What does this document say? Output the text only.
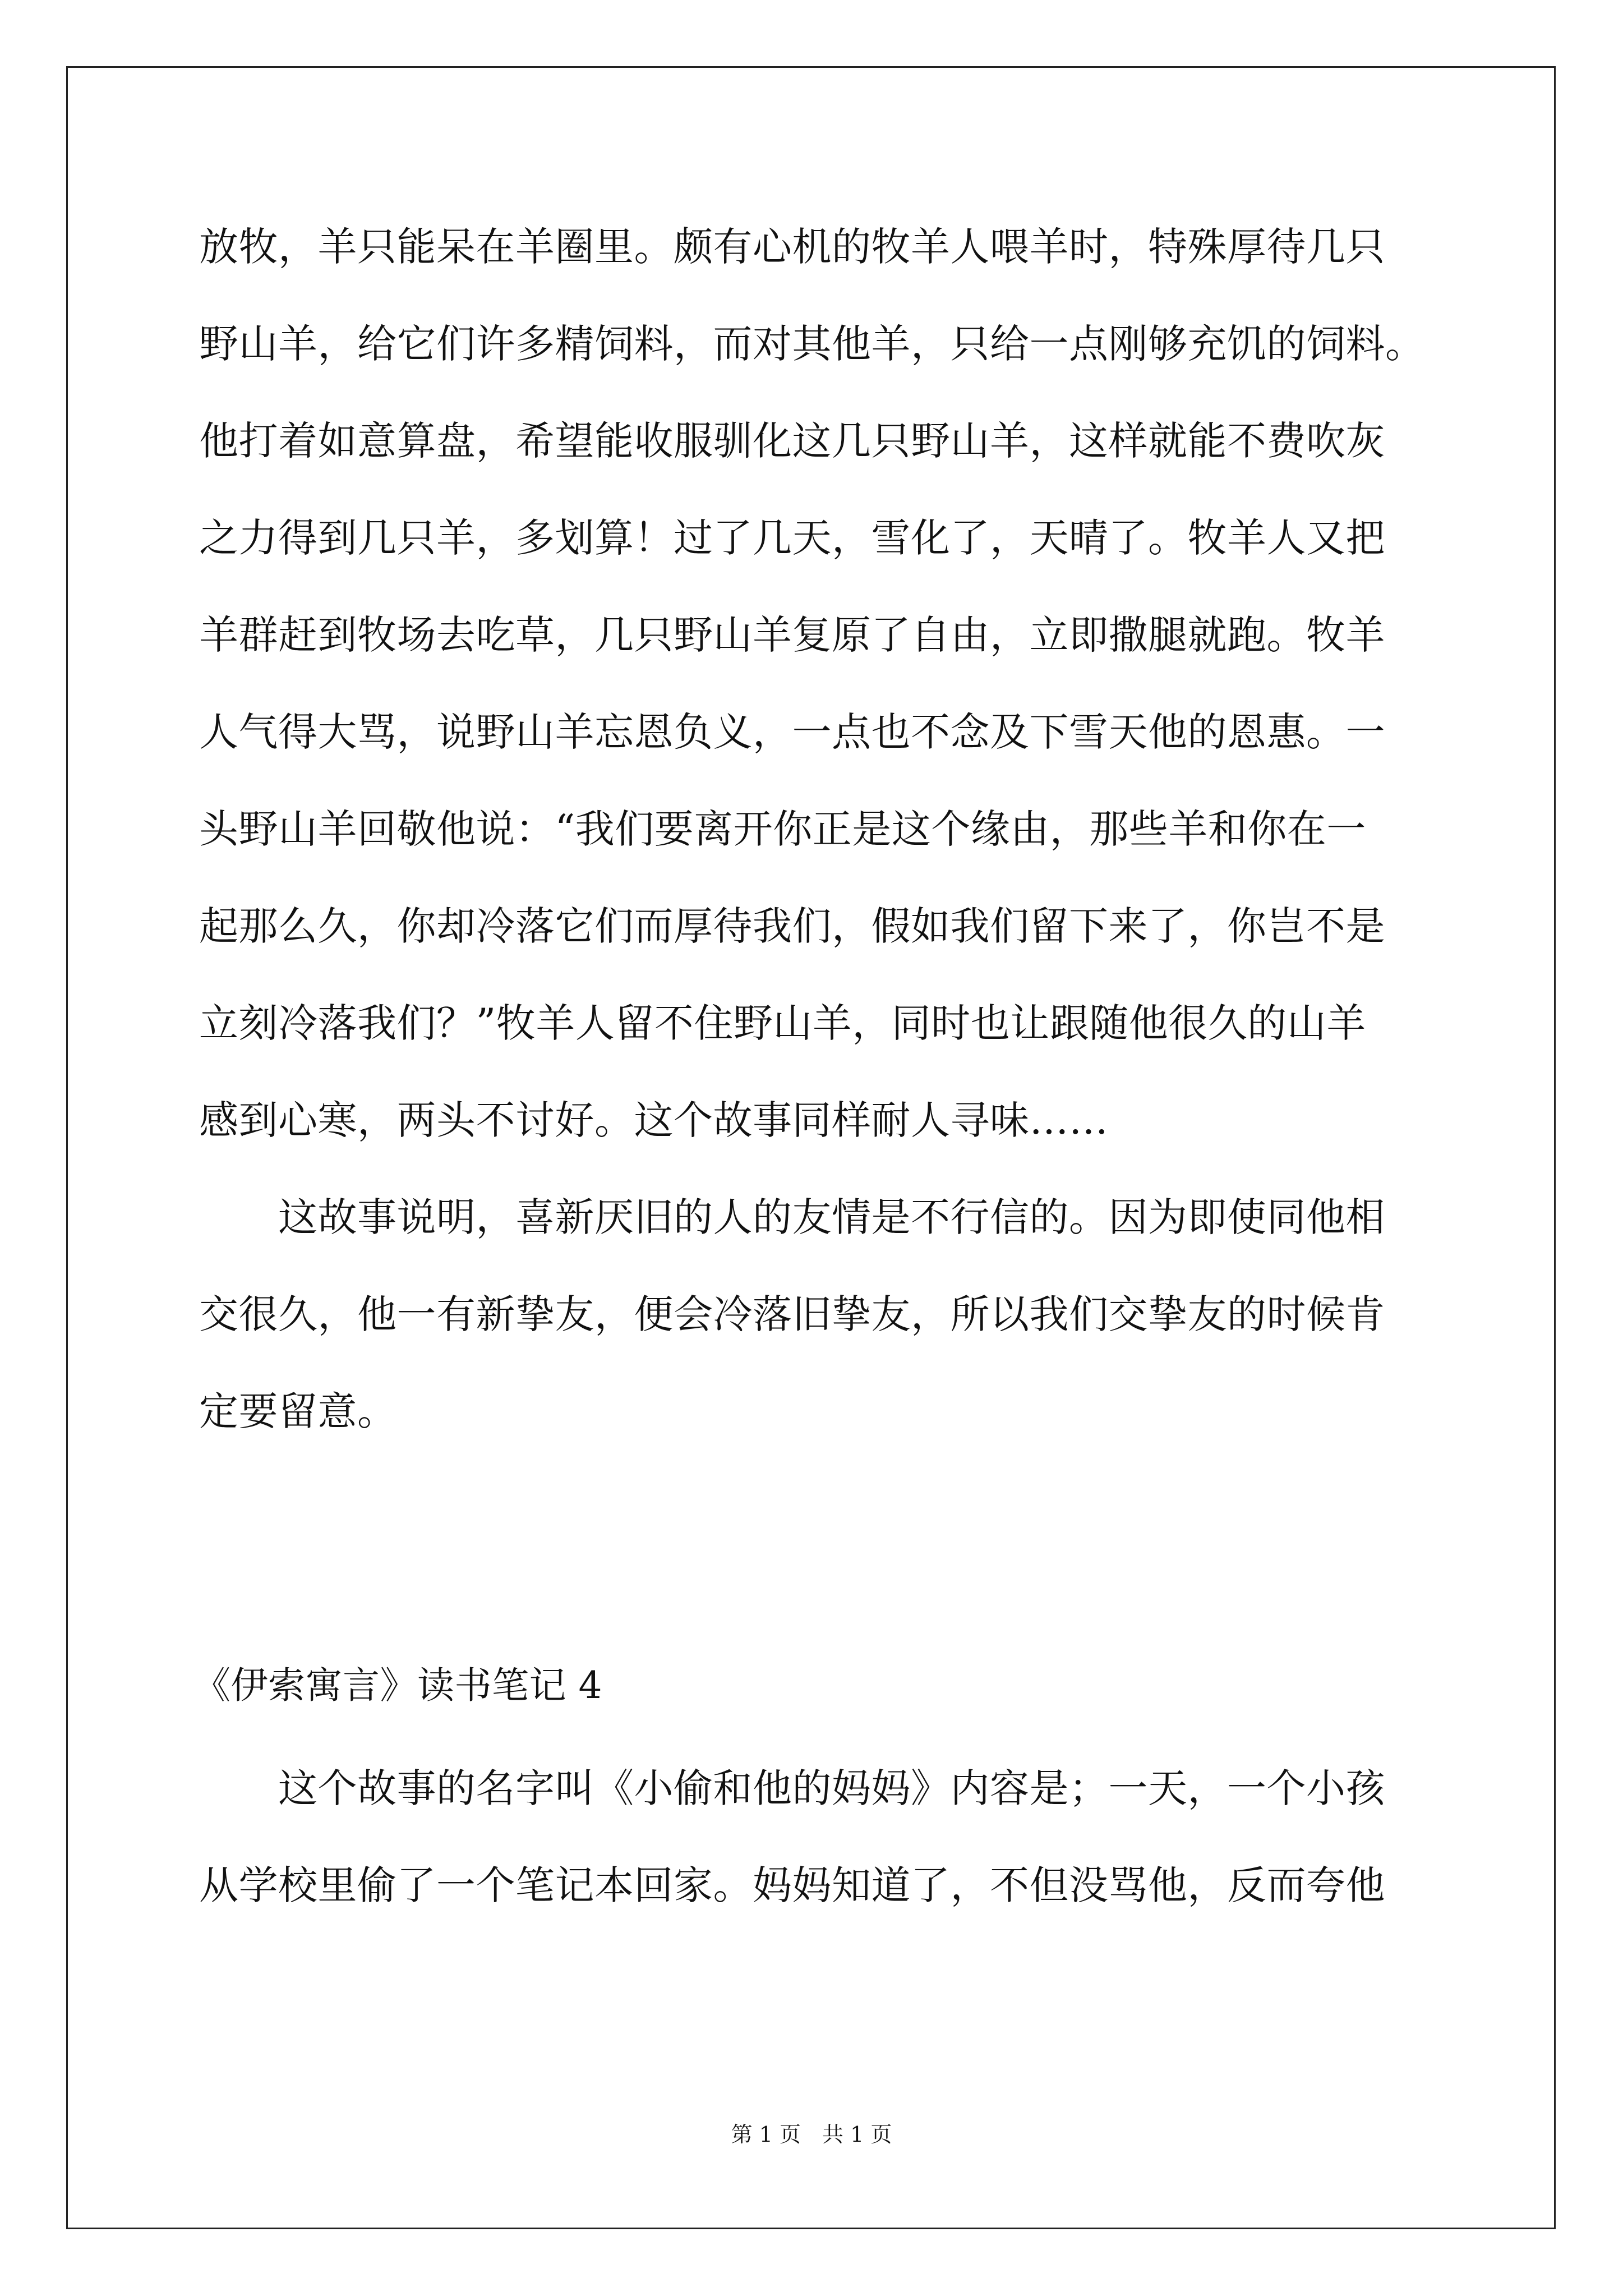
放牧，羊只能呆在羊圈里。颇有心机的牧羊人喂羊时，特殊厚待几只
野山羊，给它们许多精饲料，而对其他羊，只给一点刚够充饥的饲料。
他打着如意算盘，希望能收服驯化这几只野山羊，这样就能不费吹灰
之力得到几只羊，多划算！过了几天，雪化了，天晴了。牧羊人又把
羊群赶到牧场去吃草，几只野山羊复原了自由，立即撒腿就跑。牧羊
人气得大骂，说野山羊忘恩负义，一点也不念及下雪天他的恩惠。一
头野山羊回敬他说：“我们要离开你正是这个缘由，那些羊和你在一
起那么久，你却冷落它们而厚待我们，假如我们留下来了，你岂不是
立刻冷落我们？”牧羊人留不住野山羊，同时也让跟随他很久的山羊
感到心寒，两头不讨好。这个故事同样耐人寻味……
　　这故事说明，喜新厌旧的人的友情是不行信的。因为即使同他相
交很久，他一有新挚友，便会冷落旧挚友，所以我们交挚友的时候肯
定要留意。
《伊索寓言》读书笔记 4
　　这个故事的名字叫《小偷和他的妈妈》内容是；一天，一个小孩
从学校里偷了一个笔记本回家。妈妈知道了，不但没骂他，反而夸他
第 1 页　共 1 页
